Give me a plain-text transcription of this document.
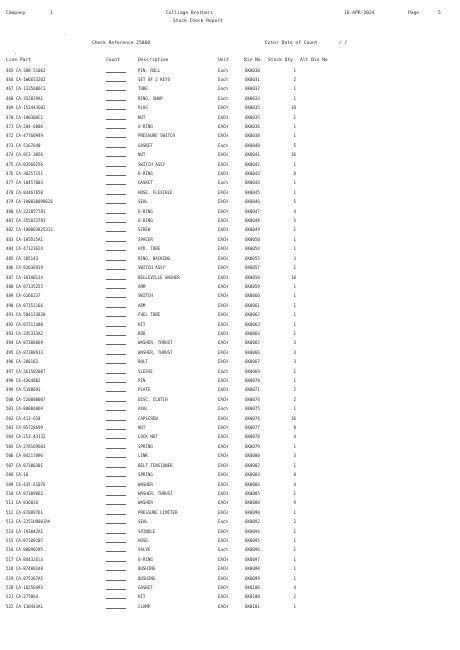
Company	1	Colliage Brothers	16-APR-2024	Page	5
Stock Check Report
·
Check Reference 25860	Enter Date of Count	/ /
·
Line Part	Count	Description	Unit	Bin No Stock Qty Alt Bin No
465 CA-388-51062	PIN, ROLL	Each	6K0030	1
466 CA-1W6653202	SET OF 2 KEYS	Each	6K0031	2
467 CA-1335606C1	TUBE	Each	6K0032	1
468 CA-352829A1	RING, SNAP	Each	6K0033	1
469 CA-153443G02	PLUG	EACH	6K0035	10
470 CA-1H0306C1	NUT	EACH	6K0035	1
471 CA-2H4-6006	O-RING	EACH	6K0036	1
472 CA-47760949	PRESSURE SWITCH	EACH	6K0038	1
473 CA-5167640	GASKET	Each	6K0040	5
474 CA-8C1-3056	NUT	EACH	6K0041	36
475 CA-83568256	SWITCH ASSY	EACH	6K0042	1
476 CA-30257151	O-RING	EACH	6K0043	8
477 CA-10457003	GASKET	Each	6K0044	1
478 CA-84467650	HOSE, FLEXIBLE	EACH	6K0045	1
479 CA-1H0030098626	SEAL	EACH	6K0046	5
480 CA-322857781	O-RING	EACH	6K0047	4
481 CA-355822781	O-RING	EACH	6K0048	5
482 CA-1H0003825312	SCREW	EACH	6K0049	1
483 CA-1H5D15A1	SPACER	EACH	6K0050	1
484 CA-47123624	HYD. TUBE	EACH	6K0054	1
485 CA-205143	RING, BACKING	EACH	6K0055	3
486 CA-82036919	SWITCH ASSY	EACH	6K0057	1
487 CA-1H3H0134	BELLEVILLE WASHER	EACH	6K0058	10
488 CA-87135255	ARM	EACH	6K0059	1
489 CA-6166237	SWITCH	EACH	6K0060	1
490 CA-87151166	ARM	EACH	6K0061	1
491 CA-504133838	FUEL TUBE	EACH	6K0062	1
492 CA-87311480	KIT	EACH	6K0063	1
493 CA-245333A2	ROD	EACH	6K0064	1
494 CA-87308869	WASHER, THRUST	EACH	6K0065	3
495 CA-87308913	WASHER, THRUST	EACH	6K0066	3
496 CA-200183	BOLT	EACH	6K0067	3
497 CA-361502007	SLEEVE	Each	6K0069	1
498 CA-4364802	PIN	EACH	6K0070	1
499 CA-5188691	PLATE	EACH	6K0071	2
500 CA-520080007	DISC, CLUTCH	EACH	6K0074	2
501 CA-80004069	AXAL	Each	6K0075	1
502 CA-413-618	CAPSCREW	EACH	6K0076	36
503 CA-85728699	NUT	EACH	6K0077	8
504 CA-251-43132	LOCK NUT	EACH	6K0078	4
505 CA-278169601	SPRING	EACH	6K0079	1
506 CA-84217096	LINK	EACH	6K0080	3
507 CA-87300301	BELT TENSIONER	EACH	6K0082	1
508 CA-18	SPRING	EACH	6K0083	8
509 CA-435-61076	WASHER	EACH	6K0084	4
510 CA-87309062	WASHER, THRUST	EACH	6K0085	1
511 CA-836826	WASHER	EACH	6K0088	9
512 CA-87889761	PRESSURE LIMITER	EACH	6K0090	1
513 CA-2251H9001AA	SEAL	Each	6K0092	2
514 CA-193042A1	SPINDLE	EACH	6K0094	1
515 CA-87109107	HOSE	EACH	6K0095	1
516 CA-88090295	VALVE	Each	6K0096	1
517 CA-844326la	O-RING	EACH	6K0097	1
518 CA-87400148	BUSHING	EACH	6K0098	1
519 CA-875367A5	BUSHING	EACH	6K0099	1
520 CA-10256493	GASKET	EACH	6K0100	4
521 CA-277064	KIT	EACH	6K0100	2
522 CA-130443A1	CLAMP	EACH	6K0101	1
